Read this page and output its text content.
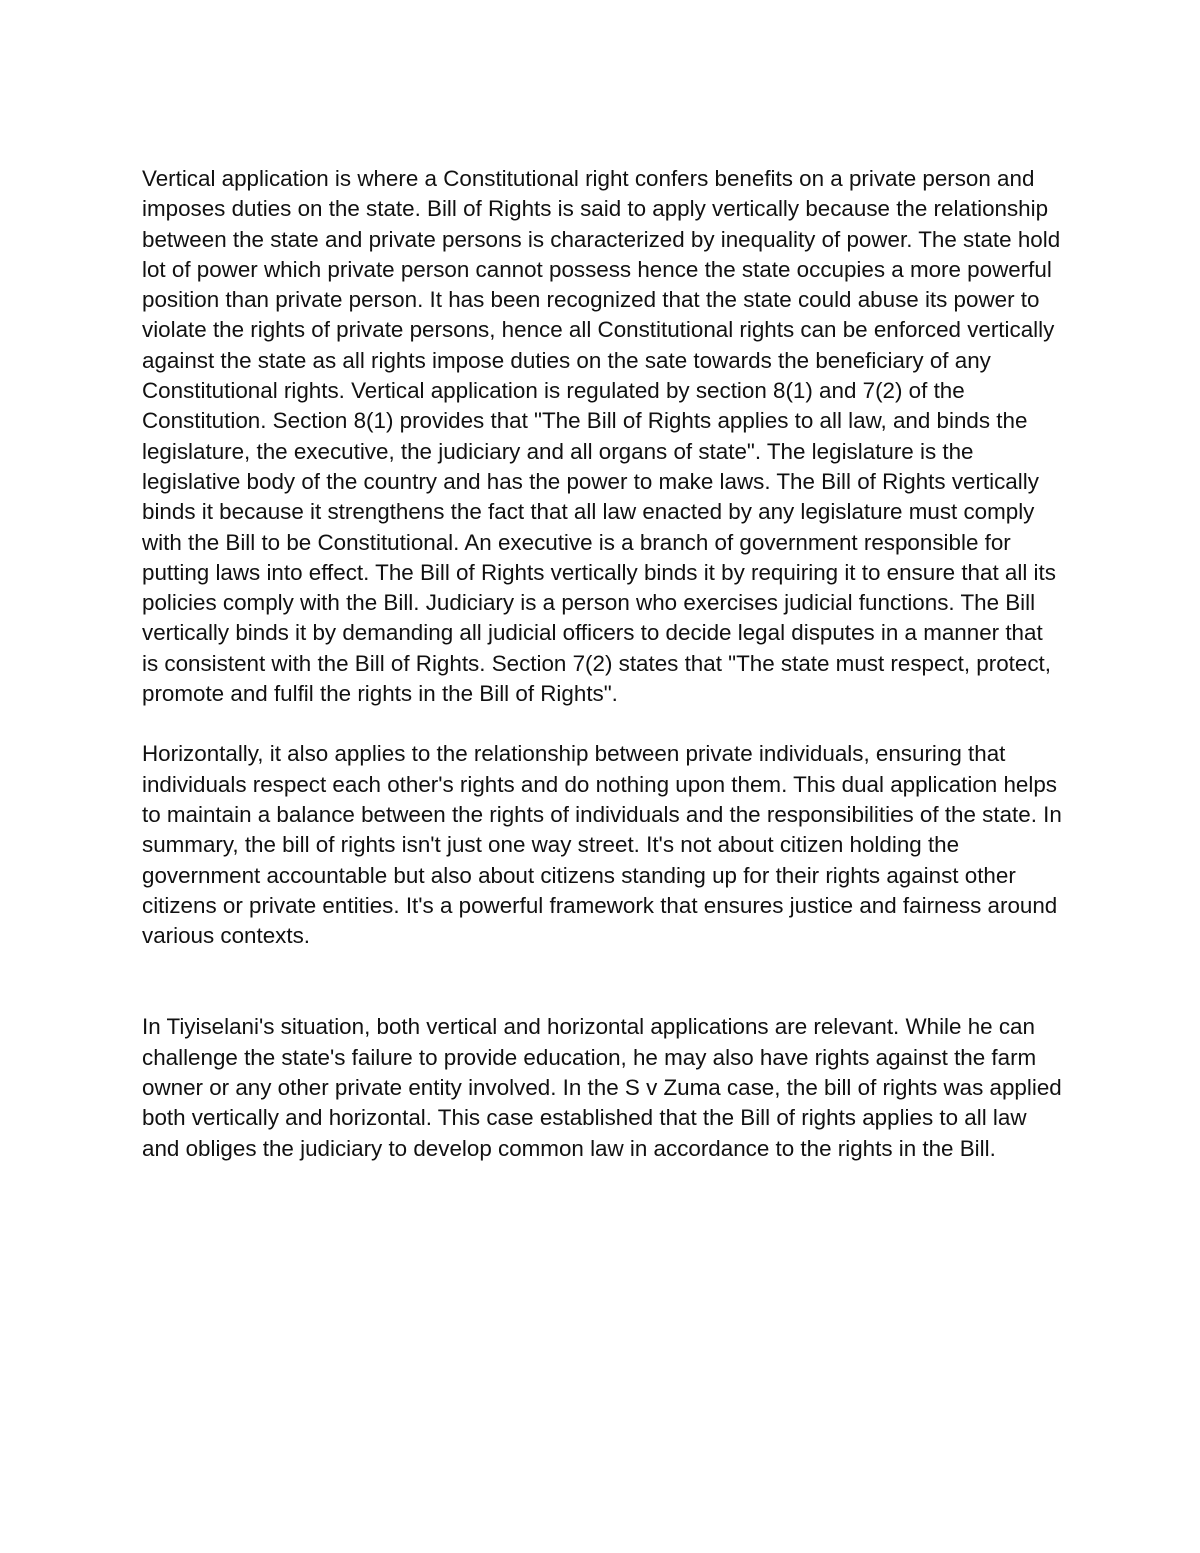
Vertical application is where a Constitutional right confers benefits on a private person and imposes duties on the state. Bill of Rights is said to apply vertically because the relationship between the state and private persons is characterized by inequality of power. The state hold lot of power which private person cannot possess hence the state occupies a more powerful position than private person. It has been recognized that the state could abuse its power to violate the rights of private persons, hence all Constitutional rights can be enforced vertically against the state as all rights impose duties on the sate towards the beneficiary of any Constitutional rights. Vertical application is regulated by section 8(1) and 7(2) of the Constitution. Section 8(1) provides that "The Bill of Rights applies to all law, and binds the legislature, the executive, the judiciary and all organs of state". The legislature is the legislative body of the country and has the power to make laws. The Bill of Rights vertically binds it because it strengthens the fact that all law enacted by any legislature must comply with the Bill to be Constitutional. An executive is a branch of government responsible for putting laws into effect. The Bill of Rights vertically binds it by requiring it to ensure that all its policies comply with the Bill. Judiciary is a person who exercises judicial functions. The Bill vertically binds it by demanding all judicial officers to decide legal disputes in a manner that is consistent with the Bill of Rights. Section 7(2) states that "The state must respect, protect, promote and fulfil the rights in the Bill of Rights".

Horizontally, it also applies to the relationship between private individuals, ensuring that individuals respect each other's rights and do nothing upon them. This dual application helps to maintain a balance between the rights of individuals and the responsibilities of the state. In summary, the bill of rights isn't just one way street. It's not about citizen holding the government accountable but also about citizens standing up for their rights against other citizens or private entities. It's a powerful framework that ensures justice and fairness around various contexts.

In Tiyiselani's situation, both vertical and horizontal applications are relevant. While he can challenge the state's failure to provide education, he may also have rights against the farm owner or any other private entity involved. In the S v Zuma case, the bill of rights was applied both vertically and horizontal. This case established that the Bill of rights applies to all law and obliges the judiciary to develop common law in accordance to the rights in the Bill.
